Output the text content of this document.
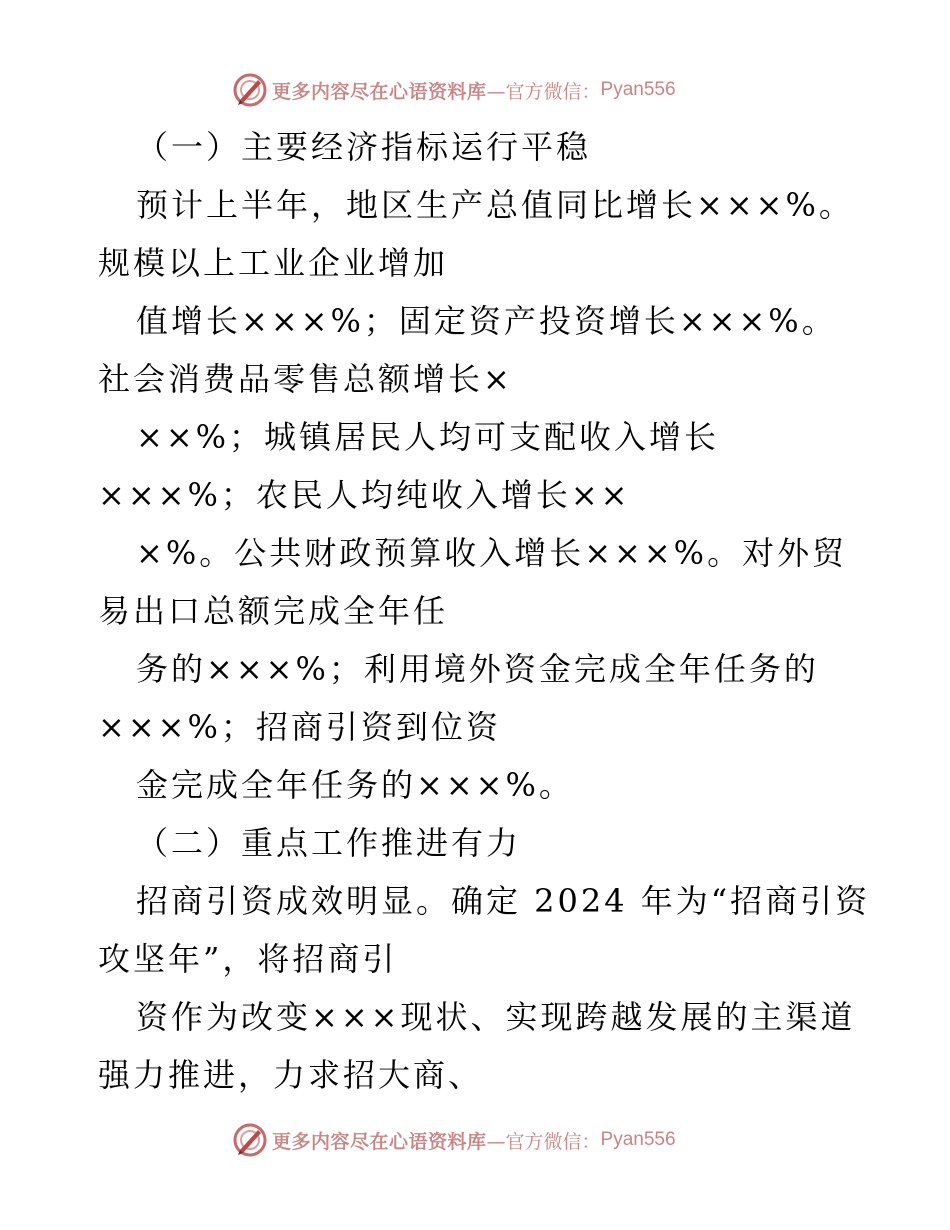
更多内容尽在心语资料库 —官方微信： Pyan556
（一）主要经济指标运行平稳
预计上半年，地区生产总值同比增长×××%。
规模以上工业企业增加
值增长×××%；固定资产投资增长×××%。
社会消费品零售总额增长×
××%；城镇居民人均可支配收入增长
×××%；农民人均纯收入增长××
×%。公共财政预算收入增长×××%。对外贸
易出口总额完成全年任
务的×××%；利用境外资金完成全年任务的
×××%；招商引资到位资
金完成全年任务的×××%。
（二）重点工作推进有力
招商引资成效明显。确定 2024 年为“招商引资
攻坚年”，将招商引
资作为改变×××现状、实现跨越发展的主渠道
强力推进，力求招大商、
更多内容尽在心语资料库 —官方微信： Pyan556
